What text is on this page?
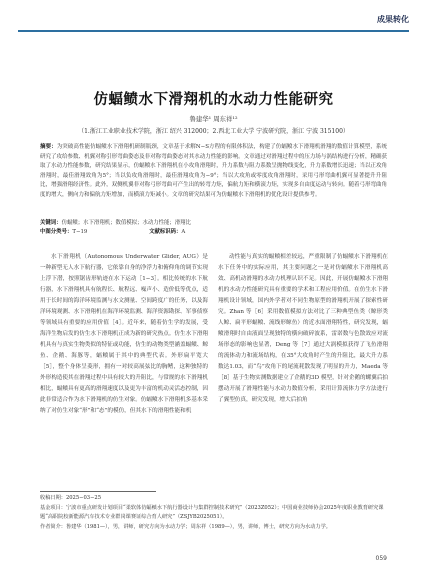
成果转化
仿蝠鲼水下滑翔机的水动力性能研究
鲁建华¹ 周东祥¹²
（1.浙江工业职业技术学院，浙江 绍兴 312000；2.西北工业大学 宁波研究院，浙江 宁波 315100）
摘要：为突破高性能仿蝠鲼水下滑翔机研制瓶颈，文章基于求解N−S方程的有限体积法，构建了仿蝠鲼水下滑翔机滑翔的数值计算模型，系统研究了攻给参数、机翼对称引形弯曲姿态及非对称弯曲姿态对其水动力性能的影响。文章通过对滑翔过程中的压力场与涡结构进行分析，精确获取了水动力性能参数，研究结果显示，仿蝠鲼水下滑翔机在小攻角滑翔时，升力系数与阻力系数呈抛物线变化，升力系数增长迅速；当以正攻角滑翔时，最佳滑翔效角为5°；当以负攻角滑翔时，最佳滑翔攻角为−9°；当以大攻角或零度攻角滑翔时，采用弓形弯曲机翼可显著提升升阻比，增强滑翔经济性。此外，双侧机翼非对称弓形弯曲可产生出的转弯力矩，偏航力矩和横滚力矩，实现多自由度运动与转向。随着弓形弯曲角度的增大，侧向力和偏航力矩增加，而横滚力矩减小。文章的研究结果可为仿蝠鲼水下滑翔机的优化设计提供参考。
关键词：仿蝠鲼；水下滑翔机；数值模拟；水动力性能；滑翔比
中图分类号：T−19	文献标识码：A

水下滑翔机（Autonomous Underwater Glider, AUG）是一种新型无人水下航行器，它依靠自身的净浮力和俯仰角的调节实现上浮下潜，按照锯齿形轨迹在水下运动［1−3］。相比传统的水下航行器，水下滑翔机具有航程长、航程远、噪声小、造价低等优点，适用于长时间的海洋环境监测与水文测量、空间跨度广的任务，以及海洋环境观测、水下滑翔机在海洋环境监测、海洋资源勘探、军事侦察等领域具有重要的应用价值［4］。近年来，随着仿生学的发展，受海洋生物启发的仿生水下滑翔机正成为新的研究热点。仿生水下滑翔机具有与真实生物类似的特征或功能，仿生的动物类型涵盖蝠鲼、鲸鱼、企鹅、海豚等，蝠鲼属于其中的典型代表。外形扁平宽大［5］，整个身体呈菱形，拥有一对较高展弦比的胸鳍，这种独特的外形构造使其在滑翔过程中具有较大的升阻比，与常规的水下滑翔机相比，蝠鲼具有更高的滑翔速度以及更为丰富的机动灵活态控制，因此非常适合作为水下滑翔机的仿生对象。仿蝠鲼水下滑翔机多基本采纳了对仿生对象“形”和“态”的模仿，但其水下的滑翔性能和机

动性能与真实的蝠鲼相差较远，严重限制了仿蝠鲼水下滑翔机在水下任务中的实际应用，其主要问题之一是对仿蝠鲼水下滑翔机高效、高机动滑翔的水动力机理认识不足。因此，开展仿蝠鲼水下滑翔机的水动力性能研究具有重要的学术和工程应用价值。在仿生水下滑翔机设计领域，国内外学者对不同生物原型的滑翔机开展了探索性研究。Zhan 等［6］采用数值模拟方法对比了三种典型鱼类（鲸形类人鲸、扁平形蝠鲼、流线形鲸鱼）的近水面滑翔特性，研究发现，蝠鲼滑翔时自由液面呈现独特的横向破碎波系，雷诺数与色散效应对流场形态的影响也显著，Deng 等［7］通过大涡模拟获得了飞鱼滑翔的流体动力和流场结构，在35°大攻角时产生的升阻比，最大升力系数达1.03，而“鸟”攻角下的尾流耗散发现了明显的升力，Maeda 等［8］基于生物实测数据建立了企鹅的3D 模型，针对企鹅的螺翼后拍摆动开展了滑翔性能与水动力数值分析，采用计算流体力学方法进行了翼型仿真，研究发现，增大后拍角

收稿日期：2025−03−25

基金项目：宁波市重点研发计划项目“柔软体仿蝠鲼水下航行器设计与集群控制技术研究”（2023Z052）；中国商业技师协会2025年度职业教育研究课题“高职院校新能源汽车技术专业群岗课赛证综合育人研究”（ZSJYB2025051）。

作者简介：鲁建华（1981—），男，讲师，研究方向为水动力学；周东祥（1989—），男，讲师，博士，研究方向为水动力学。

059
